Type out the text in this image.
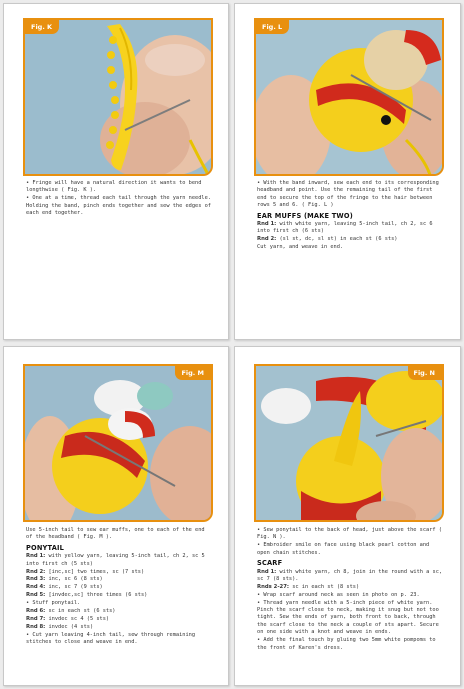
Fig. K

• Fringe will have a natural direction it wants to bend longthwise ( Fig. K ).

• One at a time, thread each tail through the yarn needle. Holding the band, pinch ends together and sew the edges of each end together.

Fig. L

• With the band inward, sew each end to its corresponding headband and point. Use the remaining tail of the first end to secure the top of the fringe to the hair between rows 5 and 6. ( Fig. L )

EAR MUFFS (MAKE TWO)

Rnd 1: with white yarn, leaving 5-inch tail, ch 2, sc 6 into first ch (6 sts)

Rnd 2: (sl st, dc, sl st) in each st (6 sts)

Cut yarn, and weave in end.

Fig. M

Use 5-inch tail to sew ear muffs, one to each of the end of the headband ( Fig. M ).

PONYTAIL

Rnd 1: with yellow yarn, leaving 5-inch tail, ch 2, sc 5 into first ch (5 sts)

Rnd 2: [inc,sc] two times, sc (7 sts)

Rnd 3: inc, sc 6 (8 sts)

Rnd 4: inc, sc 7 (9 sts)

Rnd 5: [invdec,sc] three times (6 sts)

• Stuff ponytail.

Rnd 6: sc in each st (6 sts)

Rnd 7: invdec sc 4 (5 sts)

Rnd 8: invdec (4 sts)

• Cut yarn leaving 4-inch tail, sew through remaining stitches to close and weave in end.

Fig. N

• Sew ponytail to the back of head, just above the scarf ( Fig. N ).

• Embroider smile on face using black pearl cotton and open chain stitches.

SCARF

Rnd 1: with white yarn, ch 8, join in the round with a sc, sc 7 (8 sts).

Rnds 2-27: sc in each st (8 sts)

• Wrap scarf around neck as seen in photo on p. 23.

• Thread yarn needle with a 5-inch piece of white yarn. Pinch the scarf close to neck, making it snug but not too tight. Sew the ends of yarn, both front to back, through the scarf close to the neck a couple of sts apart. Secure on one side with a knot and weave in ends.

• Add the final touch by gluing two 5mm white pompoms to the front of Karen's dress.
